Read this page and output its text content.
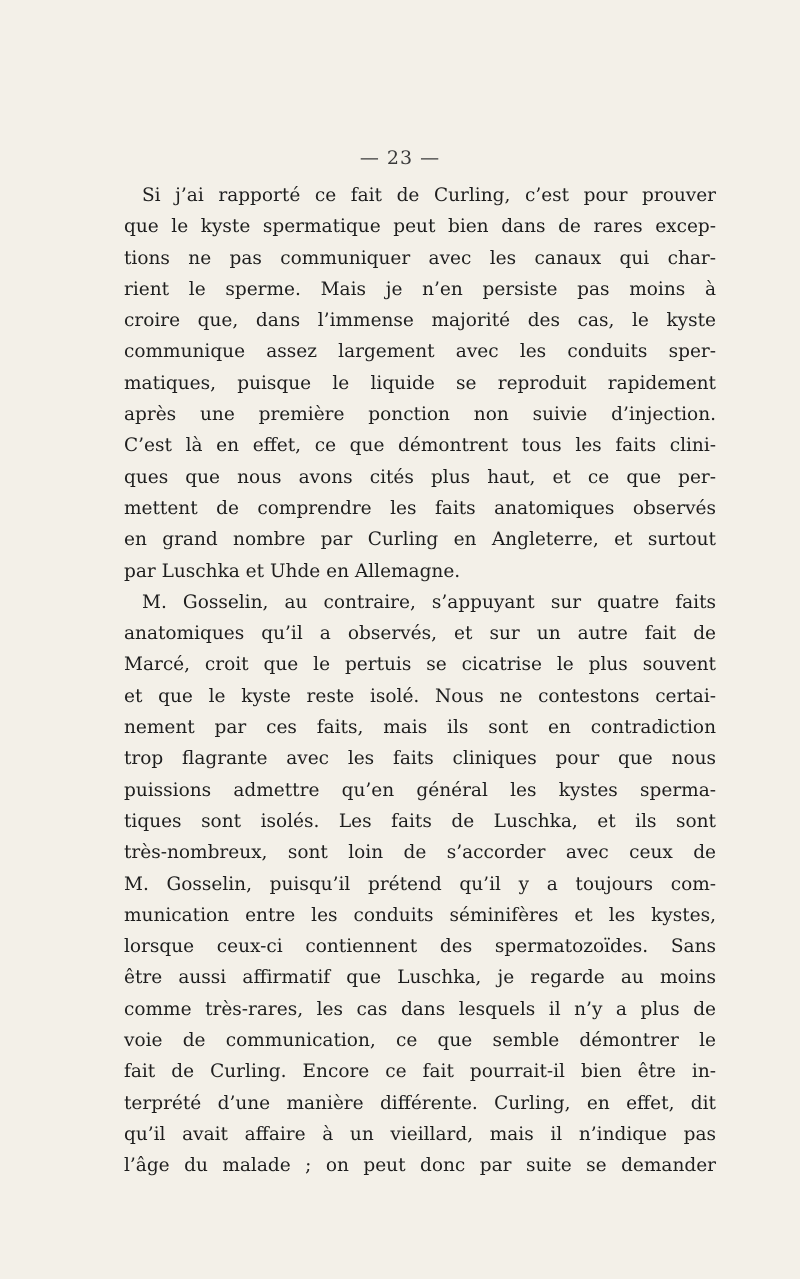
— 23 —
Si j’ai rapporté ce fait de Curling, c’est pour prouver
que le kyste spermatique peut bien dans de rares excep-
tions ne pas communiquer avec les canaux qui char-
rient le sperme. Mais je n’en persiste pas moins à
croire que, dans l’immense majorité des cas, le kyste
communique assez largement avec les conduits sper-
matiques, puisque le liquide se reproduit rapidement
après une première ponction non suivie d’injection.
C’est là en effet, ce que démontrent tous les faits clini-
ques que nous avons cités plus haut, et ce que per-
mettent de comprendre les faits anatomiques observés
en grand nombre par Curling en Angleterre, et surtout
par Luschka et Uhde en Allemagne.
M. Gosselin, au contraire, s’appuyant sur quatre faits
anatomiques qu’il a observés, et sur un autre fait de
Marcé, croit que le pertuis se cicatrise le plus souvent
et que le kyste reste isolé. Nous ne contestons certai-
nement par ces faits, mais ils sont en contradiction
trop flagrante avec les faits cliniques pour que nous
puissions admettre qu’en général les kystes sperma-
tiques sont isolés. Les faits de Luschka, et ils sont
très-nombreux, sont loin de s’accorder avec ceux de
M. Gosselin, puisqu’il prétend qu’il y a toujours com-
munication entre les conduits séminifères et les kystes,
lorsque ceux-ci contiennent des spermatozoïdes. Sans
être aussi affirmatif que Luschka, je regarde au moins
comme très-rares, les cas dans lesquels il n’y a plus de
voie de communication, ce que semble démontrer le
fait de Curling. Encore ce fait pourrait-il bien être in-
terprété d’une manière différente. Curling, en effet, dit
qu’il avait affaire à un vieillard, mais il n’indique pas
l’âge du malade ; on peut donc par suite se demander
